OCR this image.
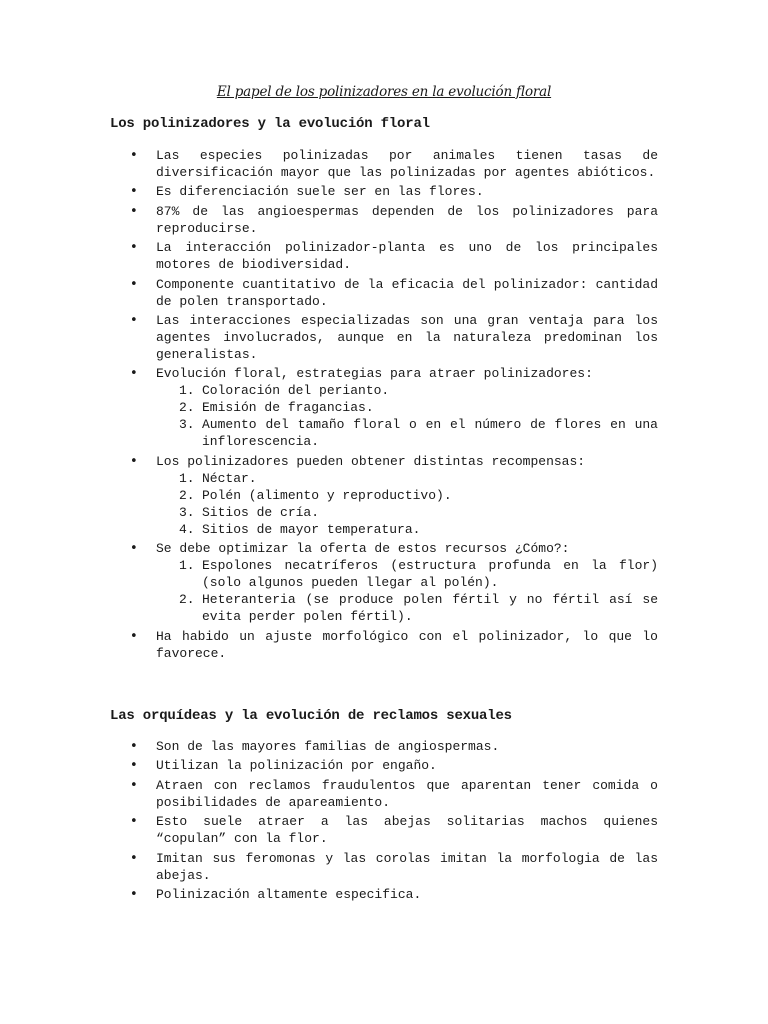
El papel de los polinizadores en la evolución floral
Los polinizadores y la evolución floral
• Las especies polinizadas por animales tienen tasas de diversificación mayor que las polinizadas por agentes abióticos.
• Es diferenciación suele ser en las flores.
• 87% de las angioespermas dependen de los polinizadores para reproducirse.
• La interacción polinizador-planta es uno de los principales motores de biodiversidad.
• Componente cuantitativo de la eficacia del polinizador: cantidad de polen transportado.
• Las interacciones especializadas son una gran ventaja para los agentes involucrados, aunque en la naturaleza predominan los generalistas.
• Evolución floral, estrategias para atraer polinizadores:
1. Coloración del perianto.
2. Emisión de fragancias.
3. Aumento del tamaño floral o en el número de flores en una inflorescencia.
• Los polinizadores pueden obtener distintas recompensas:
1. Néctar.
2. Polén (alimento y reproductivo).
3. Sitios de cría.
4. Sitios de mayor temperatura.
• Se debe optimizar la oferta de estos recursos ¿Cómo?:
1. Espolones necatríferos (estructura profunda en la flor) (solo algunos pueden llegar al polén).
2. Heteranteria (se produce polen fértil y no fértil así se evita perder polen fértil).
• Ha habido un ajuste morfológico con el polinizador, lo que lo favorece.
Las orquídeas y la evolución de reclamos sexuales
• Son de las mayores familias de angiospermas.
• Utilizan la polinización por engaño.
• Atraen con reclamos fraudulentos que aparentan tener comida o posibilidades de apareamiento.
• Esto suele atraer a las abejas solitarias machos quienes “copulan” con la flor.
• Imitan sus feromonas y las corolas imitan la morfologia de las abejas.
• Polinización altamente especifica.
